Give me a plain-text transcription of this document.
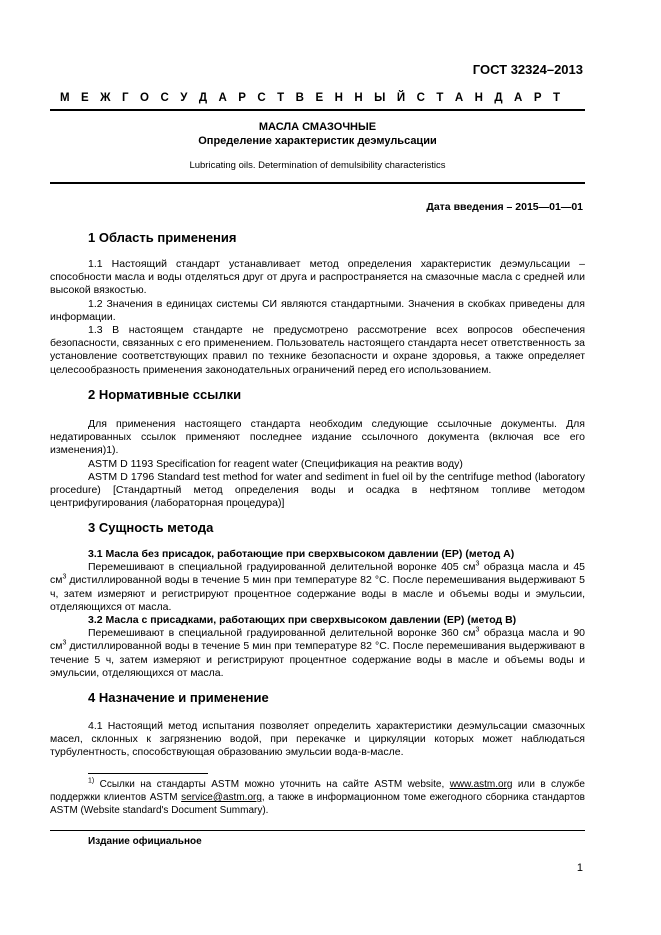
ГОСТ 32324–2013
М Е Ж Г О С У Д А Р С Т В Е Н Н Ы Й С Т А Н Д А Р Т
МАСЛА СМАЗОЧНЫЕ
Определение характеристик деэмульсации
Lubricating oils. Determination of demulsibility characteristics
Дата введения – 2015—01—01
1 Область применения

1.1 Настоящий стандарт устанавливает метод определения характеристик деэмульсации – способности масла и воды отделяться друг от друга и распространяется на смазочные масла с средней или высокой вязкостью.

1.2 Значения в единицах системы СИ являются стандартными. Значения в скобках приведены для информации.

1.3 В настоящем стандарте не предусмотрено рассмотрение всех вопросов обеспечения безопасности, связанных с его применением. Пользователь настоящего стандарта несет ответственность за установление соответствующих правил по технике безопасности и охране здоровья, а также определяет целесообразность применения законодательных ограничений перед его использованием.

2 Нормативные ссылки

Для применения настоящего стандарта необходим следующие ссылочные документы. Для недатированных ссылок применяют последнее издание ссылочного документа (включая все его изменения)1).

ASTM D 1193 Specification for reagent water (Спецификация на реактив воду)

ASTM D 1796 Standard test method for water and sediment in fuel oil by the centrifuge method (laboratory procedure) [Стандартный метод определения воды и осадка в нефтяном топливе методом центрифугирования (лабораторная процедура)]

3 Сущность метода

3.1 Масла без присадок, работающие при сверхвысоком давлении (ЕР) (метод А)

Перемешивают в специальной градуированной делительной воронке 405 $см^3$ образца масла и 45 $см^3$ дистиллированной воды в течение 5 мин при температуре 82 °С. После перемешивания выдерживают 5 ч, затем измеряют и регистрируют процентное содержание воды в масле и объемы воды и эмульсии, отделяющихся от масла.

3.2 Масла с присадками, работающих при сверхвысоком давлении (ЕР) (метод В)

Перемешивают в специальной градуированной делительной воронке 360 $см^3$ образца масла и 90 $см^3$ дистиллированной воды в течение 5 мин при температуре 82 °С. После перемешивания выдерживают в течение 5 ч, затем измеряют и регистрируют процентное содержание воды в масле и объемы воды и эмульсии, отделяющихся от масла.

4 Назначение и применение

4.1 Настоящий метод испытания позволяет определить характеристики деэмульсации смазочных масел, склонных к загрязнению водой, при перекачке и циркуляции которых может наблюдаться турбулентность, способствующая образованию эмульсии вода-в-масле.

$^{1)}$ Ссылки на стандарты ASTM можно уточнить на сайте ASTM website, www.astm.org или в службе поддержки клиентов ASTM service@astm.org, а также в информационном томе ежегодного сборника стандартов ASTM (Website standard's Document Summary).

Издание официальное
1
